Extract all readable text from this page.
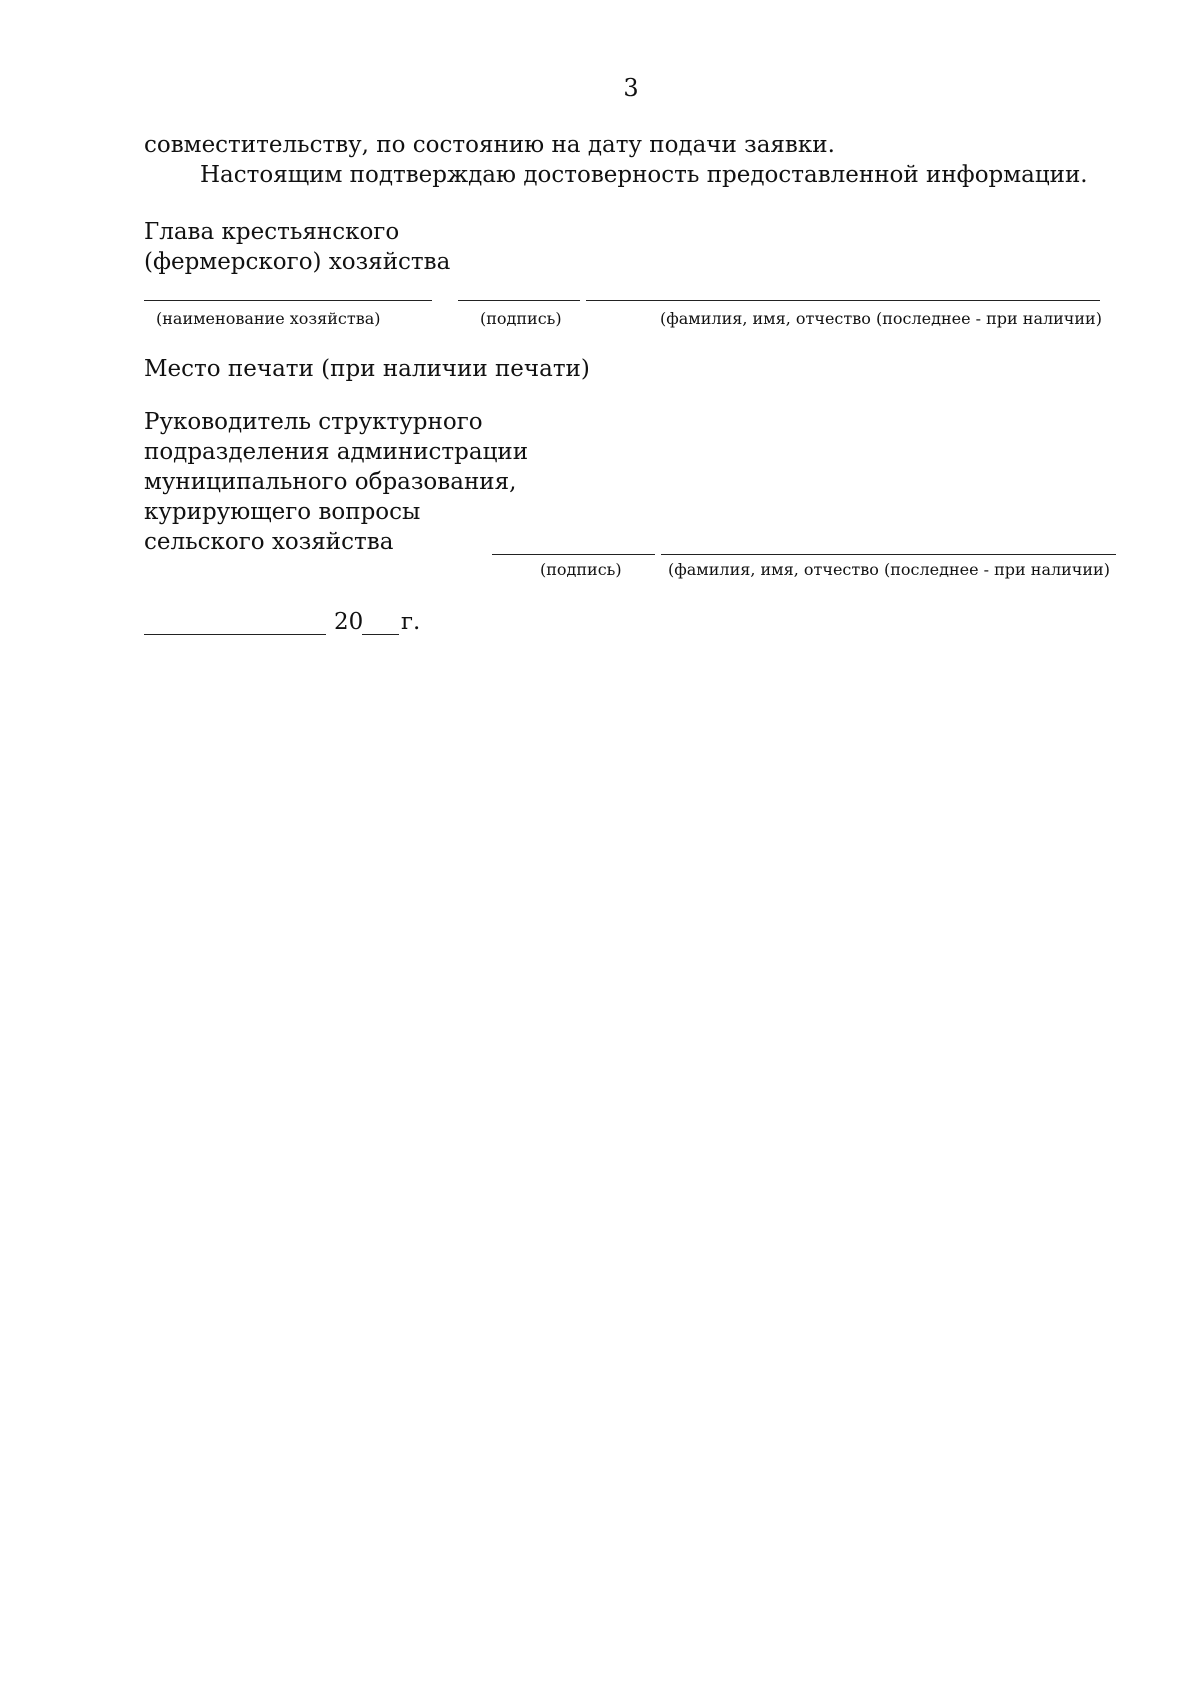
3
совместительству, по состоянию на дату подачи заявки.
Настоящим подтверждаю достоверность предоставленной информации.
Глава крестьянского
(фермерского) хозяйства
(наименование хозяйства)	(подпись)	(фамилия, имя, отчество (последнее - при наличии)
Место печати (при наличии печати)
Руководитель структурного
подразделения администрации
муниципального образования,
курирующего вопросы
сельского хозяйства
(подпись)	(фамилия, имя, отчество (последнее - при наличии)
20 г.
